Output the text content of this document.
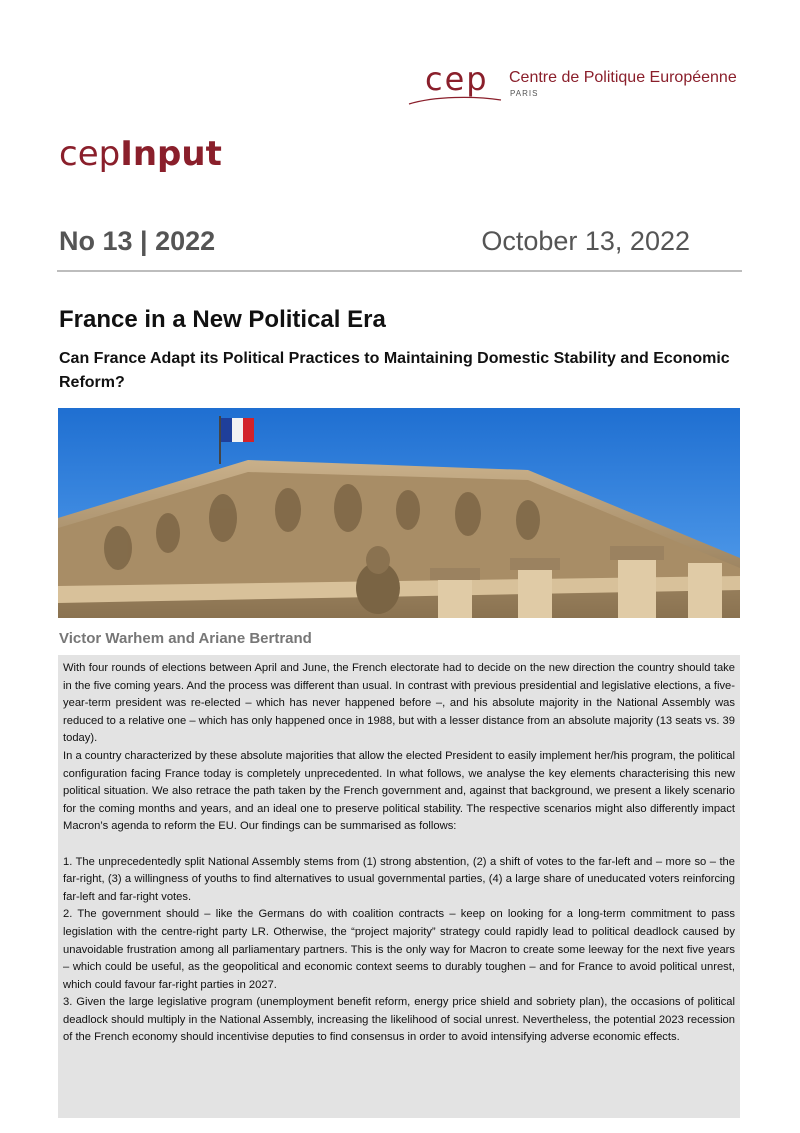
cep Centre de Politique Européenne
PARIS
cepInput
No 13 | 2022	October 13, 2022
France in a New Political Era
Can France Adapt its Political Practices to Maintaining Domestic Stability and Economic Reform?
Victor Warhem and Ariane Bertrand

With four rounds of elections between April and June, the French electorate had to decide on the new direction the country should take in the five coming years. And the process was different than usual. In contrast with previous presidential and legislative elections, a five-year-term president was re-elected – which has never happened before –, and his absolute majority in the National Assembly was reduced to a relative one – which has only happened once in 1988, but with a lesser distance from an absolute majority (13 seats vs. 39 today).

In a country characterized by these absolute majorities that allow the elected President to easily implement her/his program, the political configuration facing France today is completely unprecedented. In what follows, we analyse the key elements characterising this new political situation. We also retrace the path taken by the French government and, against that background, we present a likely scenario for the coming months and years, and an ideal one to preserve political stability. The respective scenarios might also differently impact Macron’s agenda to reform the EU. Our findings can be summarised as follows:

1. The unprecedentedly split National Assembly stems from (1) strong abstention, (2) a shift of votes to the far-left and – more so – the far-right, (3) a willingness of youths to find alternatives to usual governmental parties, (4) a large share of uneducated voters reinforcing far-left and far-right votes.

2. The government should – like the Germans do with coalition contracts – keep on looking for a long-term commitment to pass legislation with the centre-right party LR. Otherwise, the “project majority” strategy could rapidly lead to political deadlock caused by unavoidable frustration among all parliamentary partners. This is the only way for Macron to create some leeway for the next five years – which could be useful, as the geopolitical and economic context seems to durably toughen – and for France to avoid political unrest, which could favour far-right parties in 2027.

3. Given the large legislative program (unemployment benefit reform, energy price shield and sobriety plan), the occasions of political deadlock should multiply in the National Assembly, increasing the likelihood of social unrest. Nevertheless, the potential 2023 recession of the French economy should incentivise deputies to find consensus in order to avoid intensifying adverse economic effects.
